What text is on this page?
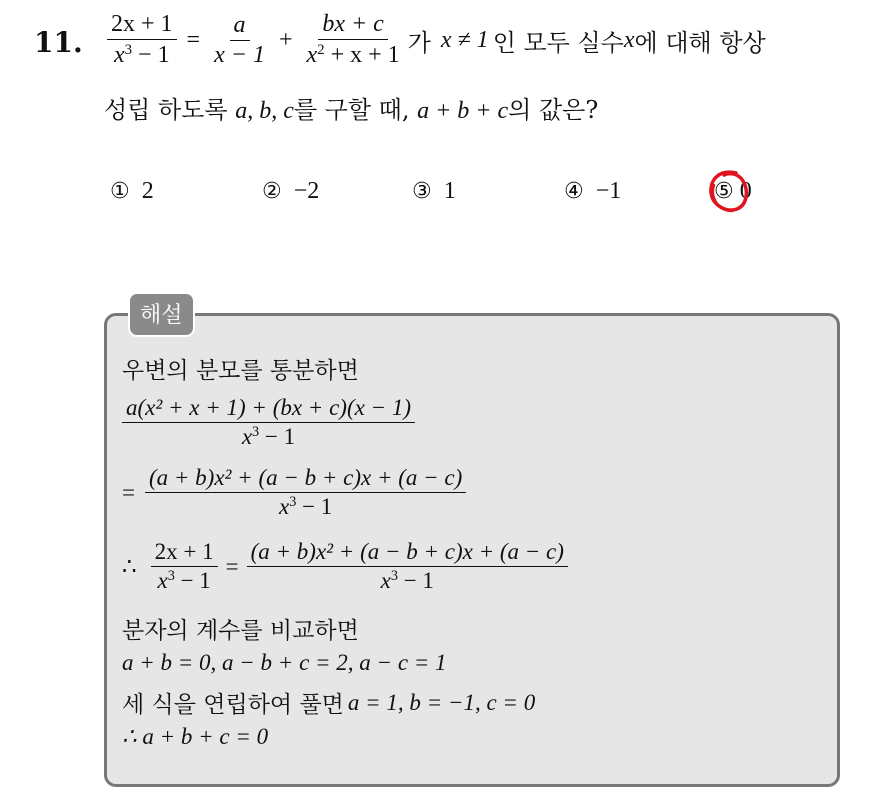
11. $\frac{2x + 1}{x^3 - 1} = \frac{a}{x - 1} + \frac{bx + c}{x^2 + x + 1}$ 가 x ≠ 1 인 모두 실수 x 에 대해 항상
성립 하도록 a, b, c를 구할 때, a + b + c의 값은?
① 2	② −2	③ 1	④ −1	⑤ 0
해설
우변의 분모를 통분하면
$\frac{\text{a(x² + x + 1) + (bx + c)(x − 1)}}{x^3 - 1}$
= $\frac{\text{(a + b)x² + (a − b + c)x + (a − c)}}{x^3 - 1}$
∴ $\frac{2x + 1}{x^3 - 1} = \frac{\text{(a + b)x² + (a − b + c)x + (a − c)}}{x^3 - 1}$
분자의 계수를 비교하면
a + b = 0, a − b + c = 2, a − c = 1
세 식을 연립하여 풀면 a = 1, b = −1, c = 0
∴ a + b + c = 0
